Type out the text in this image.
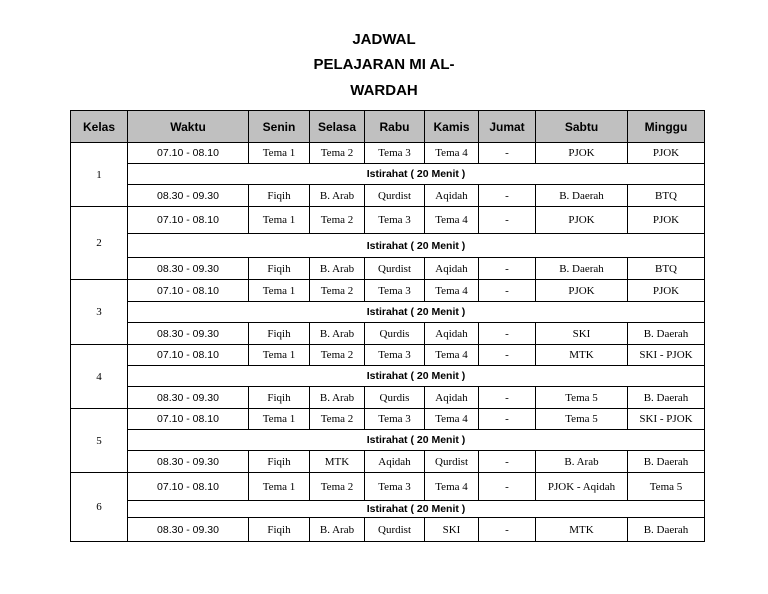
JADWAL
PELAJARAN MI AL-
WARDAH
Kelas	Waktu	Senin	Selasa	Rabu	Kamis	Jumat	Sabtu	Minggu
1	07.10 - 08.10	Tema 1	Tema 2	Tema 3	Tema 4	-	PJOK	PJOK
	Istirahat ( 20 Menit )							
	08.30 - 09.30	Fiqih	B. Arab	Qurdist	Aqidah	-	B. Daerah	BTQ
2	07.10 - 08.10	Tema 1	Tema 2	Tema 3	Tema 4	-	PJOK	PJOK
	Istirahat ( 20 Menit )							
	08.30 - 09.30	Fiqih	B. Arab	Qurdist	Aqidah	-	B. Daerah	BTQ
3	07.10 - 08.10	Tema 1	Tema 2	Tema 3	Tema 4	-	PJOK	PJOK
	Istirahat ( 20 Menit )							
	08.30 - 09.30	Fiqih	B. Arab	Qurdis	Aqidah	-	SKI	B. Daerah
4	07.10 - 08.10	Tema 1	Tema 2	Tema 3	Tema 4	-	MTK	SKI - PJOK
	Istirahat ( 20 Menit )							
	08.30 - 09.30	Fiqih	B. Arab	Qurdis	Aqidah	-	Tema 5	B. Daerah
5	07.10 - 08.10	Tema 1	Tema 2	Tema 3	Tema 4	-	Tema 5	SKI - PJOK
	Istirahat ( 20 Menit )							
	08.30 - 09.30	Fiqih	MTK	Aqidah	Qurdist	-	B. Arab	B. Daerah
6	07.10 - 08.10	Tema 1	Tema 2	Tema 3	Tema 4	-	PJOK - Aqidah	Tema 5
	Istirahat ( 20 Menit )							
	08.30 - 09.30	Fiqih	B. Arab	Qurdist	SKI	-	MTK	B. Daerah
